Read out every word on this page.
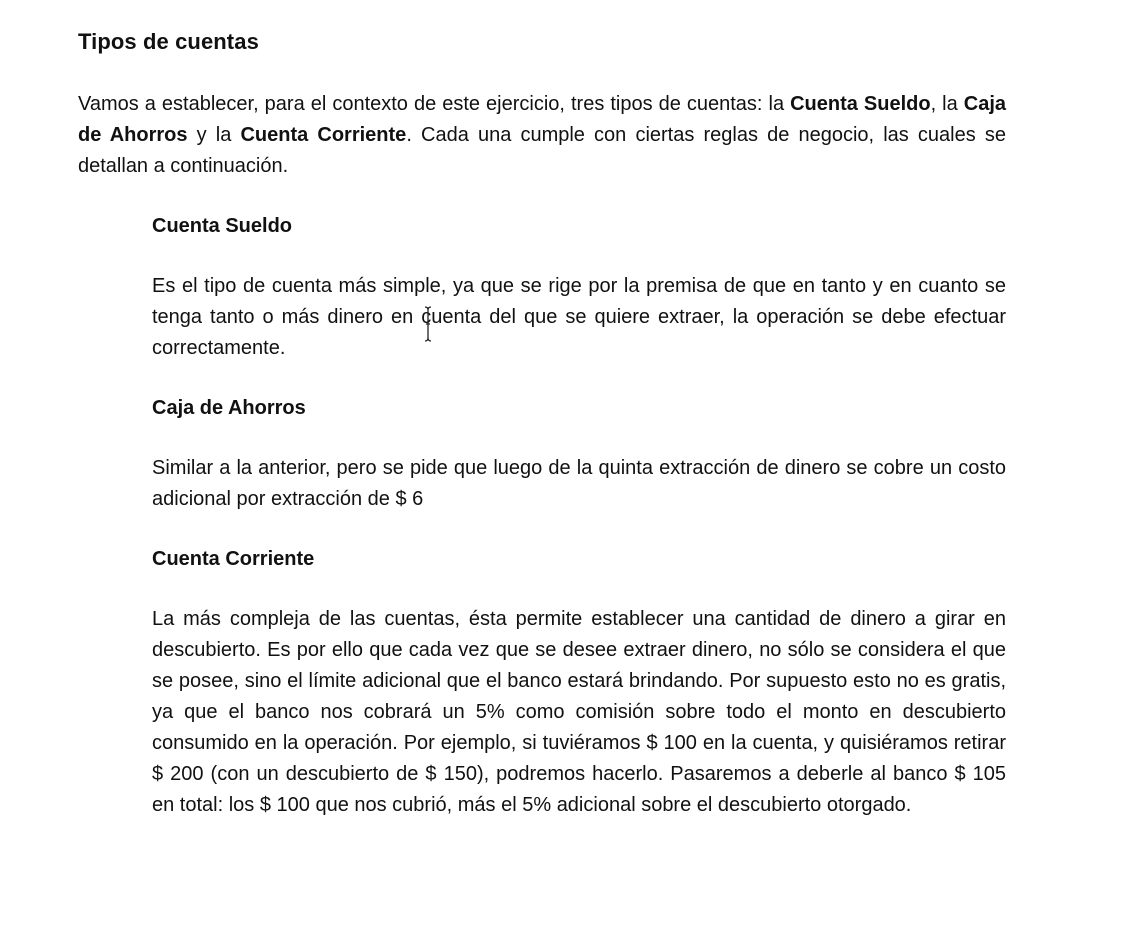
Tipos de cuentas

Vamos a establecer, para el contexto de este ejercicio, tres tipos de cuentas: la Cuenta Sueldo, la Caja de Ahorros y la Cuenta Corriente. Cada una cumple con ciertas reglas de negocio, las cuales se detallan a continuación.

Cuenta Sueldo

Es el tipo de cuenta más simple, ya que se rige por la premisa de que en tanto y en cuanto se tenga tanto o más dinero en cuenta del que se quiere extraer, la operación se debe efectuar correctamente.

Caja de Ahorros

Similar a la anterior, pero se pide que luego de la quinta extracción de dinero se cobre un costo adicional por extracción de $ 6

Cuenta Corriente

La más compleja de las cuentas, ésta permite establecer una cantidad de dinero a girar en descubierto. Es por ello que cada vez que se desee extraer dinero, no sólo se considera el que se posee, sino el límite adicional que el banco estará brindando. Por supuesto esto no es gratis, ya que el banco nos cobrará un 5% como comisión sobre todo el monto en descubierto consumido en la operación. Por ejemplo, si tuviéramos $ 100 en la cuenta, y quisiéramos retirar $ 200 (con un descubierto de $ 150), podremos hacerlo. Pasaremos a deberle al banco $ 105 en total: los $ 100 que nos cubrió, más el 5% adicional sobre el descubierto otorgado.
